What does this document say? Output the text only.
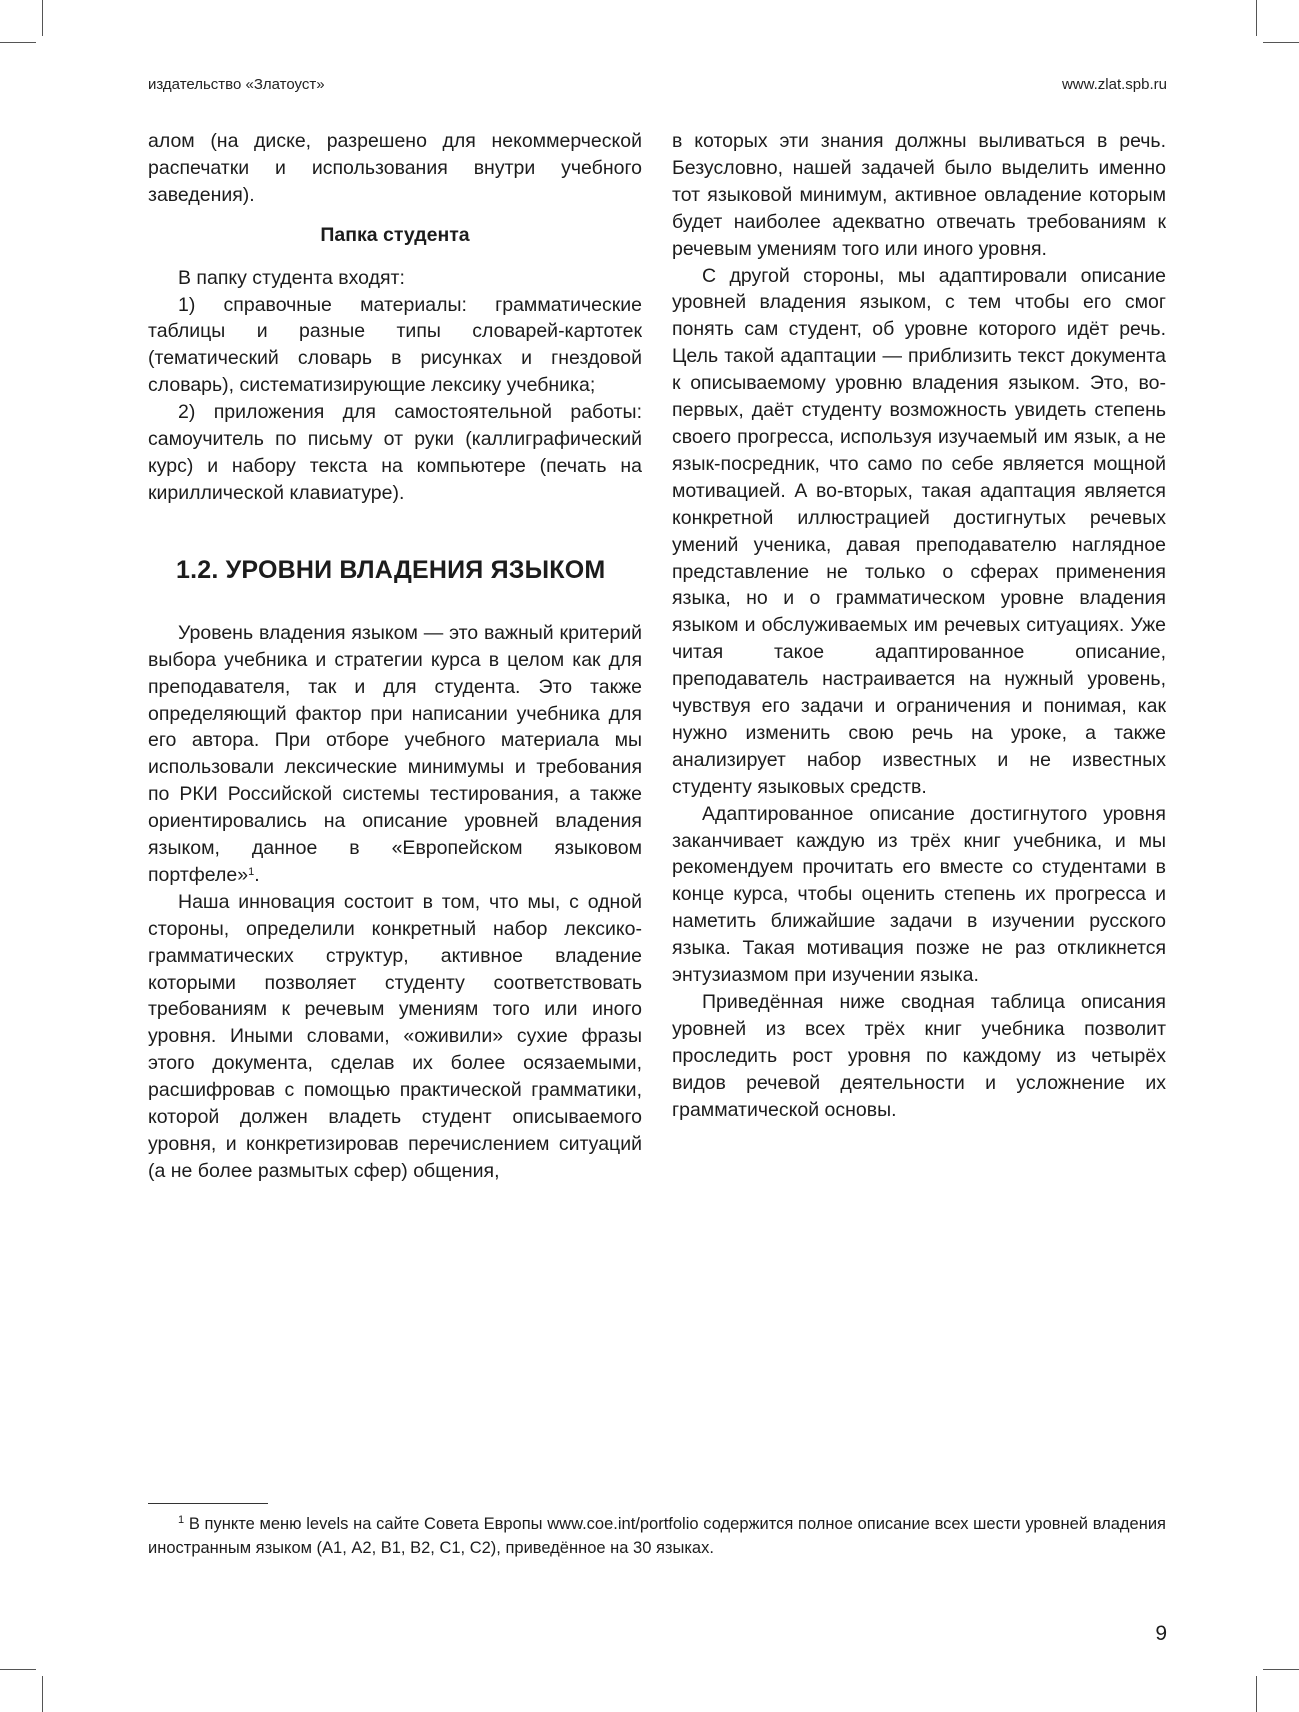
издательство «Златоуст»	www.zlat.spb.ru

алом (на диске, разрешено для некоммерческой распечатки и использования внутри учебного заведения).

Папка студента

В папку студента входят:

1) справочные материалы: грамматические таблицы и разные типы словарей-картотек (тематический словарь в рисунках и гнездовой словарь), систематизирующие лексику учебника;

2) приложения для самостоятельной работы: самоучитель по письму от руки (каллиграфический курс) и набору текста на компьютере (печать на кириллической клавиатуре).

1.2. УРОВНИ ВЛАДЕНИЯ ЯЗЫКОМ

Уровень владения языком — это важный критерий выбора учебника и стратегии курса в целом как для преподавателя, так и для студента. Это также определяющий фактор при написании учебника для его автора. При отборе учебного материала мы использовали лексические минимумы и требования по РКИ Российской системы тестирования, а также ориентировались на описание уровней владения языком, данное в «Европейском языковом портфеле»$^1$.

Наша инновация состоит в том, что мы, с одной стороны, определили конкретный набор лексико-грамматических структур, активное владение которыми позволяет студенту соответствовать требованиям к речевым умениям того или иного уровня. Иными словами, «оживили» сухие фразы этого документа, сделав их более осязаемыми, расшифровав с помощью практической грамматики, которой должен владеть студент описываемого уровня, и конкретизировав перечислением ситуаций (а не более размытых сфер) общения,

в которых эти знания должны выливаться в речь. Безусловно, нашей задачей было выделить именно тот языковой минимум, активное овладение которым будет наиболее адекватно отвечать требованиям к речевым умениям того или иного уровня.

С другой стороны, мы адаптировали описание уровней владения языком, с тем чтобы его смог понять сам студент, об уровне которого идёт речь. Цель такой адаптации — приблизить текст документа к описываемому уровню владения языком. Это, во-первых, даёт студенту возможность увидеть степень своего прогресса, используя изучаемый им язык, а не язык-посредник, что само по себе является мощной мотивацией. А во-вторых, такая адаптация является конкретной иллюстрацией достигнутых речевых умений ученика, давая преподавателю наглядное представление не только о сферах применения языка, но и о грамматическом уровне владения языком и обслуживаемых им речевых ситуациях. Уже читая такое адаптированное описание, преподаватель настраивается на нужный уровень, чувствуя его задачи и ограничения и понимая, как нужно изменить свою речь на уроке, а также анализирует набор известных и не известных студенту языковых средств.

Адаптированное описание достигнутого уровня заканчивает каждую из трёх книг учебника, и мы рекомендуем прочитать его вместе со студентами в конце курса, чтобы оценить степень их прогресса и наметить ближайшие задачи в изучении русского языка. Такая мотивация позже не раз откликнется энтузиазмом при изучении языка.

Приведённая ниже сводная таблица описания уровней из всех трёх книг учебника позволит проследить рост уровня по каждому из четырёх видов речевой деятельности и усложнение их грамматической основы.

$^1$ В пункте меню levels на сайте Совета Европы www.coe.int/portfolio содержится полное описание всех шести уровней владения иностранным языком (А1, А2, В1, В2, С1, С2), приведённое на 30 языках.

9
